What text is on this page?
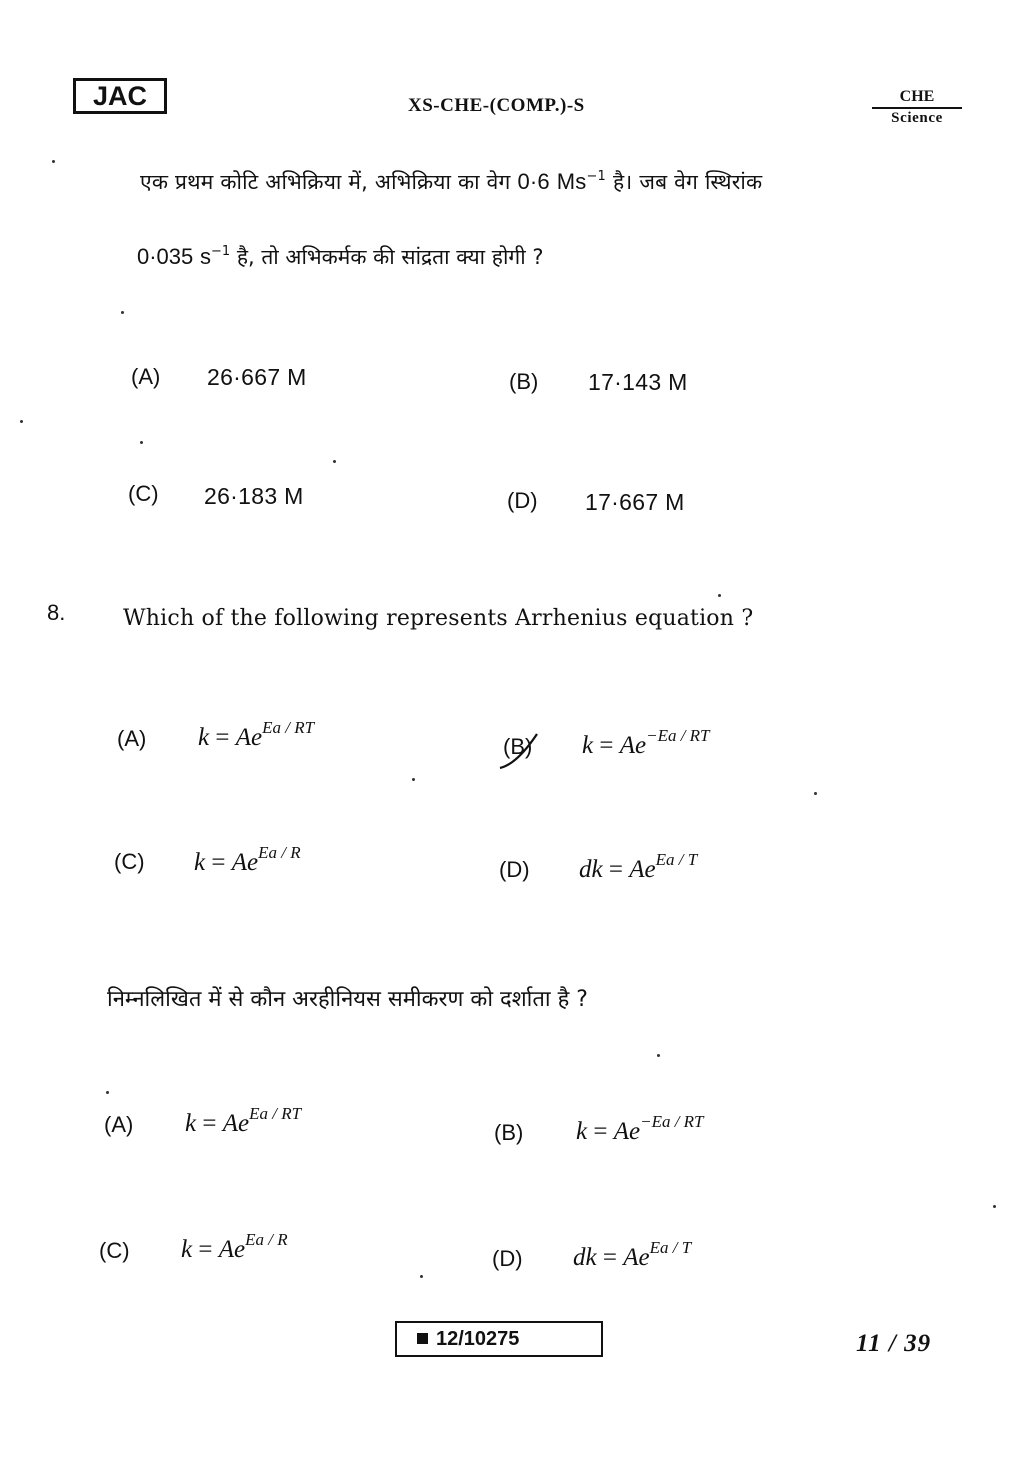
JAC	XS-CHE-(COMP.)-S	CHE
Science
एक प्रथम कोटि अभिक्रिया में, अभिक्रिया का वेग 0·6 $Ms^{-1}$ है। जब वेग स्थिरांक
0·035 $s^{-1}$ है, तो अभिकर्मक की सांद्रता क्या होगी ?
(A) 26·667 M	(B) 17·143 M
(C) 26·183 M	(D) 17·667 M
8.	Which of the following represents Arrhenius equation ?
(A) $k = Ae^{Ea / RT}$
(B) $k = Ae^{-Ea / RT}$
(C) $k = Ae^{Ea / R}$
(D) dk = $Ae^{Ea / T}$
निम्नलिखित में से कौन अरहीनियस समीकरण को दर्शाता है ?
(A) $k = Ae^{Ea / RT}$
(B) $k = Ae^{-Ea / RT}$
(C) $k = Ae^{Ea / R}$
(D) dk = $Ae^{Ea / T}$
12/10275	11 / 39
